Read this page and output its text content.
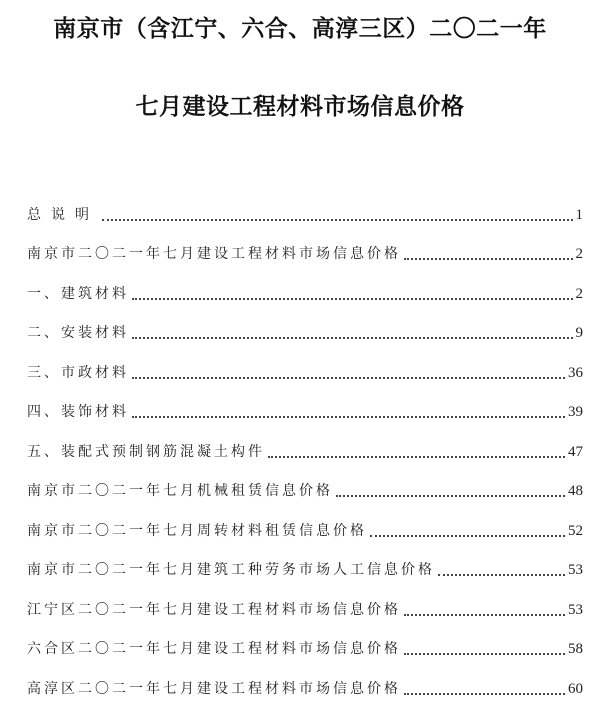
南京市（含江宁、六合、高淳三区）二〇二一年
七月建设工程材料市场信息价格
总说明	1
南京市二〇二一年七月建设工程材料市场信息价格	2
一、建筑材料	2
二、安装材料	9
三、市政材料	36
四、装饰材料	39
五、装配式预制钢筋混凝土构件	47
南京市二〇二一年七月机械租赁信息价格	48
南京市二〇二一年七月周转材料租赁信息价格	52
南京市二〇二一年七月建筑工种劳务市场人工信息价格	53
江宁区二〇二一年七月建设工程材料市场信息价格	53
六合区二〇二一年七月建设工程材料市场信息价格	58
高淳区二〇二一年七月建设工程材料市场信息价格	60
